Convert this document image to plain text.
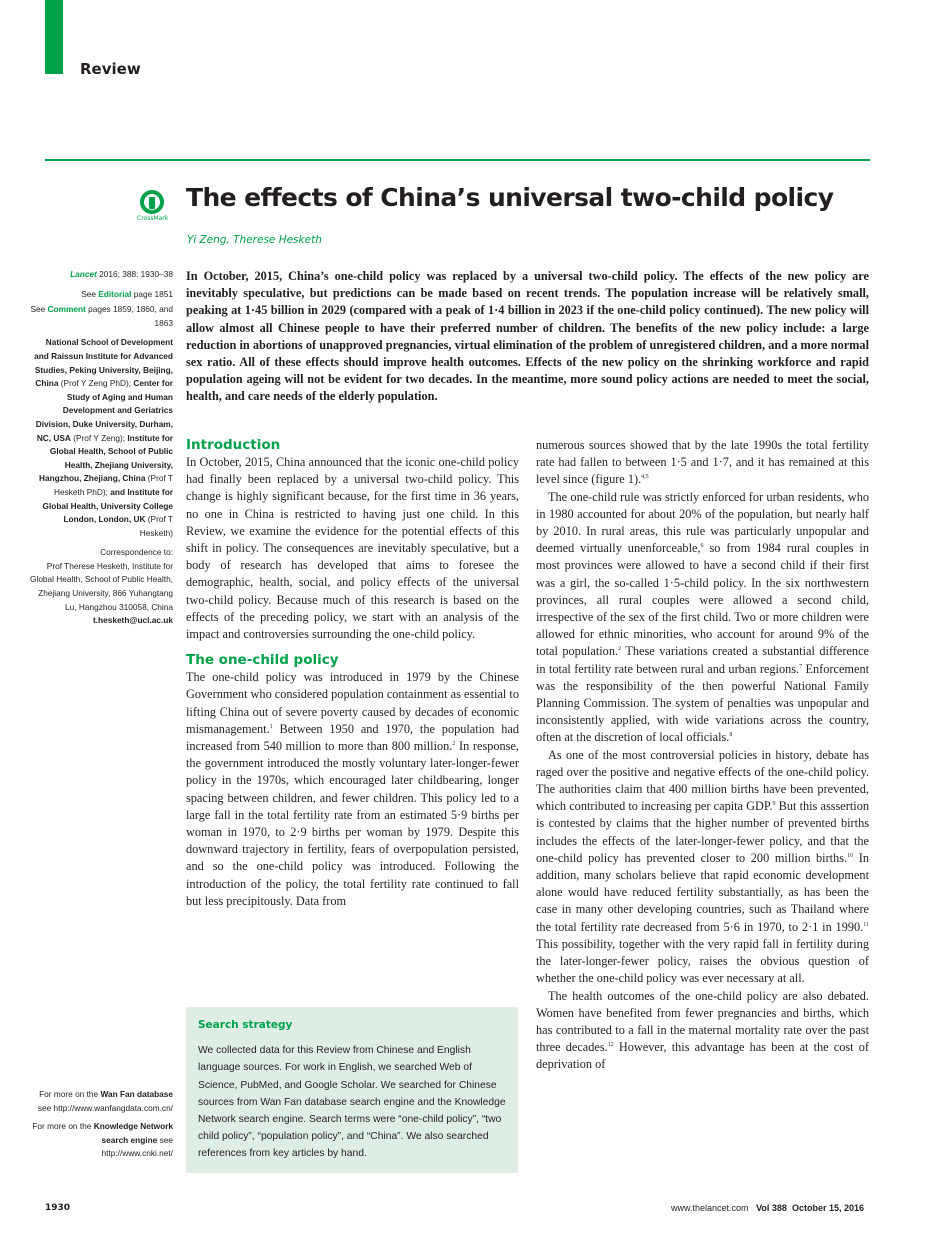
Review
CrossMark
The effects of China’s universal two-child policy
Yi Zeng, Therese Hesketh

Lancet 2016; 388: 1930–38

See Editorial page 1851

See Comment pages 1859, 1860, and 1863

National School of Development and Raissun Institute for Advanced Studies, Peking University, Beijing, China (Prof Y Zeng PhD); Center for Study of Aging and Human Development and Geriatrics Division, Duke University, Durham, NC, USA (Prof Y Zeng); Institute for Global Health, School of Public Health, Zhejiang University, Hangzhou, Zhejiang, China (Prof T Hesketh PhD); and Institute for Global Health, University College London, London, UK (Prof T Hesketh)

Correspondence to:
Prof Therese Hesketh, Institute for Global Health, School of Public Health, Zhejiang University, 866 Yuhangtang Lu, Hangzhou 310058, China
t.hesketh@ucl.ac.uk

For more on the Wan Fan database see http://www.wanfangdata.com.cn/

For more on the Knowledge Network search engine see http://www.cnki.net/

In October, 2015, China’s one-child policy was replaced by a universal two-child policy. The effects of the new policy are inevitably speculative, but predictions can be made based on recent trends. The population increase will be relatively small, peaking at 1·45 billion in 2029 (compared with a peak of 1·4 billion in 2023 if the one-child policy continued). The new policy will allow almost all Chinese people to have their preferred number of children. The benefits of the new policy include: a large reduction in abortions of unapproved pregnancies, virtual elimination of the problem of unregistered children, and a more normal sex ratio. All of these effects should improve health outcomes. Effects of the new policy on the shrinking workforce and rapid population ageing will not be evident for two decades. In the meantime, more sound policy actions are needed to meet the social, health, and care needs of the elderly population.
Introduction

In October, 2015, China announced that the iconic one-child policy had finally been replaced by a universal two-child policy. This change is highly significant because, for the first time in 36 years, no one in China is restricted to having just one child. In this Review, we examine the evidence for the potential effects of this shift in policy. The consequences are inevitably speculative, but a body of research has developed that aims to foresee the demographic, health, social, and policy effects of the universal two-child policy. Because much of this research is based on the effects of the preceding policy, we start with an analysis of the impact and controversies surrounding the one-child policy.

The one-child policy

The one-child policy was introduced in 1979 by the Chinese Government who considered population containment as essential to lifting China out of severe poverty caused by decades of economic mismanagement.$^1$ Between 1950 and 1970, the population had increased from 540 million to more than 800 million.$^2$ In response, the government introduced the mostly voluntary later-longer-fewer policy in the 1970s, which encouraged later childbearing, longer spacing between children, and fewer children. This policy led to a large fall in the total fertility rate from an estimated 5·9 births per woman in 1970, to 2·9 births per woman by 1979. Despite this downward trajectory in fertility, fears of overpopulation persisted, and so the one-child policy was introduced. Following the introduction of the policy, the total fertility rate continued to fall but less precipitously. Data from

Search strategy

We collected data for this Review from Chinese and English language sources. For work in English, we searched Web of Science, PubMed, and Google Scholar. We searched for Chinese sources from Wan Fan database search engine and the Knowledge Network search engine. Search terms were “one-child policy”, “two child policy”, “population policy”, and “China”. We also searched references from key articles by hand.

numerous sources showed that by the late 1990s the total fertility rate had fallen to between 1·5 and 1·7, and it has remained at this level since (figure 1).$^{4,5}$

The one-child rule was strictly enforced for urban residents, who in 1980 accounted for about 20% of the population, but nearly half by 2010. In rural areas, this rule was particularly unpopular and deemed virtually unenforceable,$^6$ so from 1984 rural couples in most provinces were allowed to have a second child if their first was a girl, the so-called 1·5-child policy. In the six northwestern provinces, all rural couples were allowed a second child, irrespective of the sex of the first child. Two or more children were allowed for ethnic minorities, who account for around 9% of the total population.$^2$ These variations created a substantial difference in total fertility rate between rural and urban regions.$^7$ Enforcement was the responsibility of the then powerful National Family Planning Commission. The system of penalties was unpopular and inconsistently applied, with wide variations across the country, often at the discretion of local officials.$^8$

As one of the most controversial policies in history, debate has raged over the positive and negative effects of the one-child policy. The authorities claim that 400 million births have been prevented, which contributed to increasing per capita GDP.$^9$ But this asssertion is contested by claims that the higher number of prevented births includes the effects of the later-longer-fewer policy, and that the one-child policy has prevented closer to 200 million births.$^{10}$ In addition, many scholars believe that rapid economic development alone would have reduced fertility substantially, as has been the case in many other developing countries, such as Thailand where the total fertility rate decreased from 5·6 in 1970, to 2·1 in 1990.11 This possibility, together with the very rapid fall in fertility during the later-longer-fewer policy, raises the obvious question of whether the one-child policy was ever necessary at all.

The health outcomes of the one-child policy are also debated. Women have benefited from fewer pregnancies and births, which has contributed to a fall in the maternal mortality rate over the past three decades.$^{12}$ However, this advantage has been at the cost of deprivation of

1930	www.thelancet.com Vol 388 October 15, 2016
